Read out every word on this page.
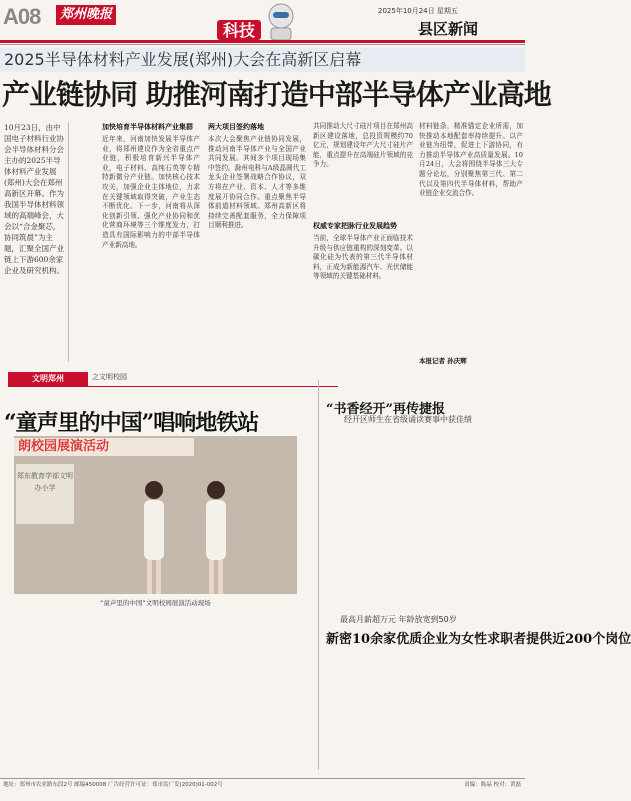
A08	郑州晚报
科技
2025年10月24日 星期五
县区新闻
2025半导体材料产业发展(郑州)大会在高新区启幕
产业链协同 助推河南打造中部半导体产业高地
10月23日，由中国电子材料行业协会半导体材料分会主办的2025半导体材料产业发展(郑州)大会在郑州高新区开幕。作为我国半导体材料领域的高端峰会，大会以“合金聚芯，协同筑晨”为主题，汇聚全国产业链上下游600余家企业及研究机构。
加快培育半导体材料产业集群
近年来，河南加快发展半导体产业，将郑州建设作为全省重点产业链，积极培育新兴半导体产业，电子材料、高纯石英等专精特新微分产业链。加快核心技术攻关，加强企业主体地位，力求在关键领域取得突破，产业生态不断优化。下一步，河南将从深化创新引领、强化产业协同和优化营商环境等三个维度发力，打造具有国际影响力的中部半导体产业新高地。
两大项目签约落地
本次大会聚焦产业链协同发展，推动河南半导体产业与全国产业共同发展。其间多个项目现场集中签约。滁州电科与A级晶圆代工龙头企业签署战略合作协议，双方将在产业、资本、人才等多维度展开协同合作。重点聚焦半导体前道材料领域。郑州高新区将持续完善配套服务，全力保障项目顺利推进。
共同推动大尺寸硅片项目在郑州高新区建设落地，总投资规模约70亿元，规划建设年产大尺寸硅片产能，重点提升在高端硅片领域的竞争力。
权威专家把脉行业发展趋势
当前，全球半导体产业正面临技术升级与供应链重构的深刻变革。以碳化硅为代表的第三代半导体材料，正成为新能源汽车、光伏储能等领域的关键基础材料。
材料链条，精准锚定企业所需，加快推动本地配套率持续提升。以产业链为纽带，促进上下游协同，有力推动半导体产业高质量发展。10月24日，大会将围绕半导体三大专题分论坛，分别聚焦第三代、第二代以及第四代半导体材料，帮助产业链企业交流合作。
本报记者 孙庆辉
文明郑州	之文明校园
“童声里的中国”唱响地铁站
朗校园展演活动
郑东教育学部文明办小学
“童声里的中国”文明校园展演活动现场
“书香经开”再传捷报
经开区师生在省级诵读赛事中获佳绩
最高月薪超万元 年龄放宽到50岁
新密10余家优质企业为女性求职者提供近200个岗位
地址：郑州市农业路东段2号 邮编450008 广告经营许可证：郑市监广发(2020)01-002号	责编：陈晶 校对：黄磊
